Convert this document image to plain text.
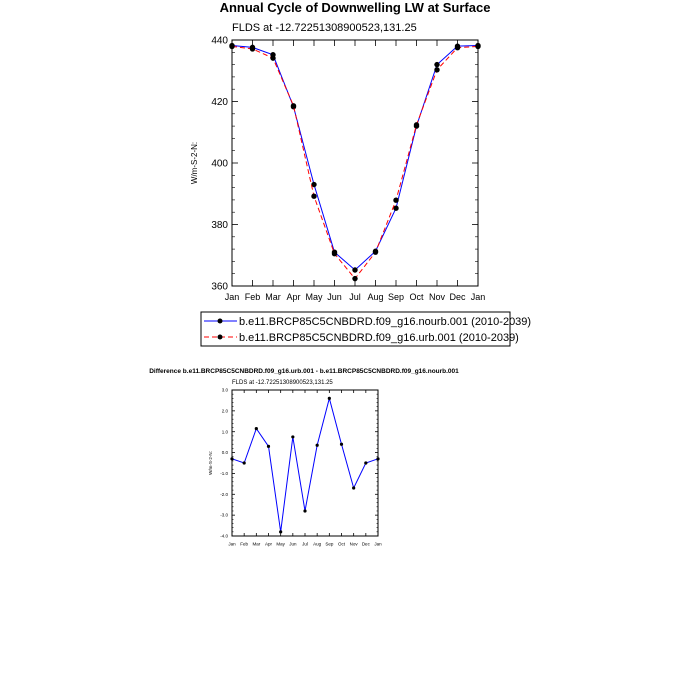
Annual Cycle of Downwelling LW at Surface
FLDS at -12.72251308900523,131.25
Jan Feb Mar Apr May Jun Jul Aug Sep Oct Nov Dec Jan
360
380
400
420
440
W/m-S-2-N:
b.e11.BRCP85C5CNBDRD.f09_g16.nourb.001 (2010-2039)
b.e11.BRCP85C5CNBDRD.f09_g16.urb.001 (2010-2039)
Difference b.e11.BRCP85C5CNBDRD.f09_g16.urb.001 - b.e11.BRCP85C5CNBDRD.f09_g16.nourb.001
FLDS at -12.72251308900523,131.25
Jan Feb Mar Apr May Jun Jul Aug Sep Oct Nov Dec Jan
-4.0
-3.0
-2.0
-1.0
0.0
1.0
2.0
3.0
W/m-S-2-N:
